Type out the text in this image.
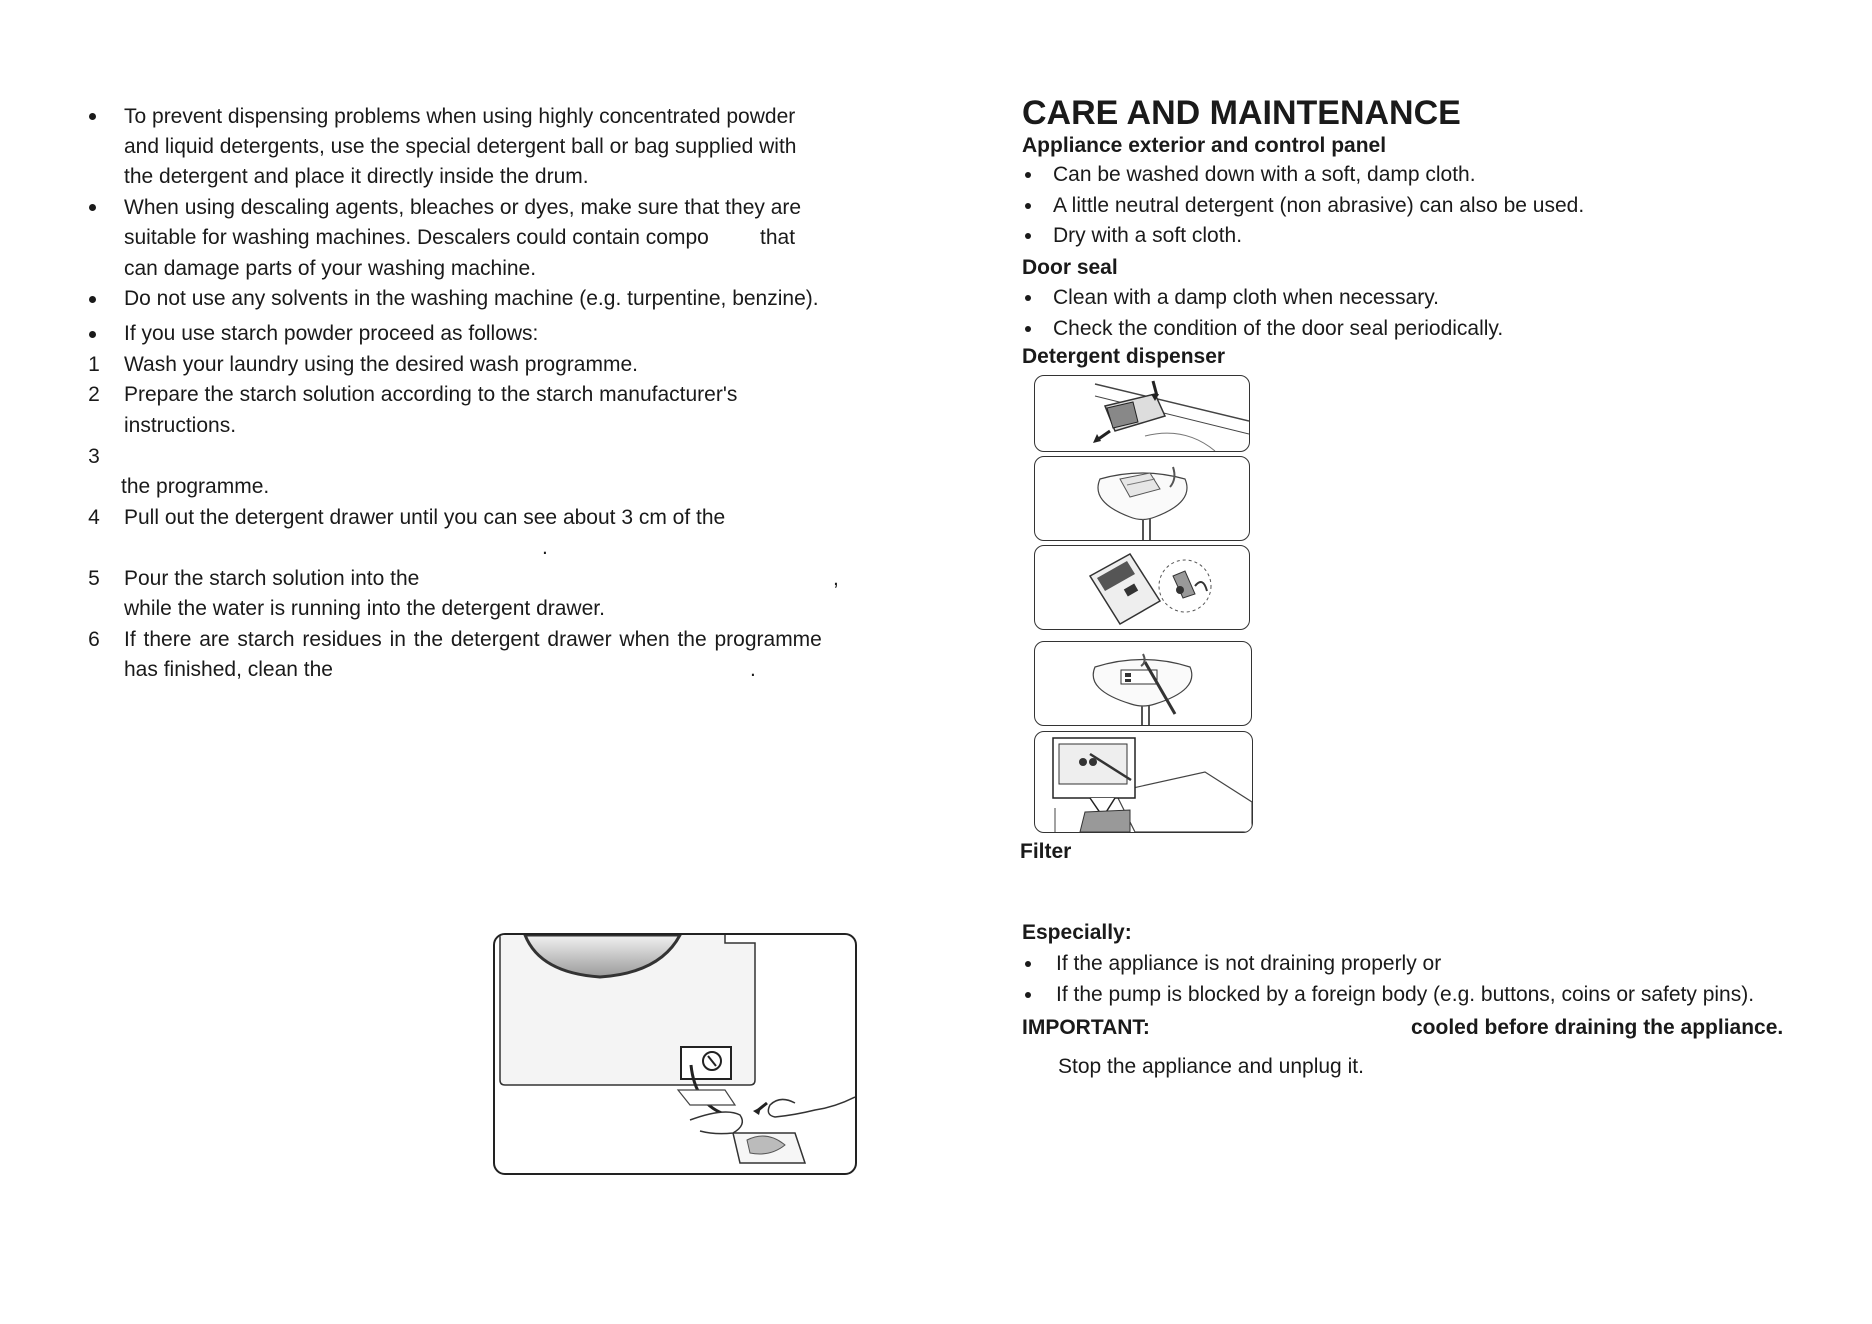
To prevent dispensing problems when using highly concentrated powder
and liquid detergents, use the special detergent ball or bag supplied with
the detergent and place it directly inside the drum.
When using descaling agents, bleaches or dyes, make sure that they are
suitable for washing machines. Descalers could contain compo that
can damage parts of your washing machine.
Do not use any solvents in the washing machine (e.g. turpentine, benzine).
If you use starch powder proceed as follows:
1 Wash your laundry using the desired wash programme.
2 Prepare the starch solution according to the starch manufacturer's
instructions.
3
the programme.
4 Pull out the detergent drawer until you can see about 3 cm of the
.
5 Pour the starch solution into the	,
while the water is running into the detergent drawer.
6 If there are starch residues in the detergent drawer when the programme
has finished, clean the	.
CARE AND MAINTENANCE
Appliance exterior and control panel
Can be washed down with a soft, damp cloth.
A little neutral detergent (non abrasive) can also be used.
Dry with a soft cloth.
Door seal
Clean with a damp cloth when necessary.
Check the condition of the door seal periodically.
Detergent dispenser
Filter
Especially:
If the appliance is not draining properly or
If the pump is blocked by a foreign body (e.g. buttons, coins or safety pins).
IMPORTANT:	cooled before draining the appliance.
Stop the appliance and unplug it.
